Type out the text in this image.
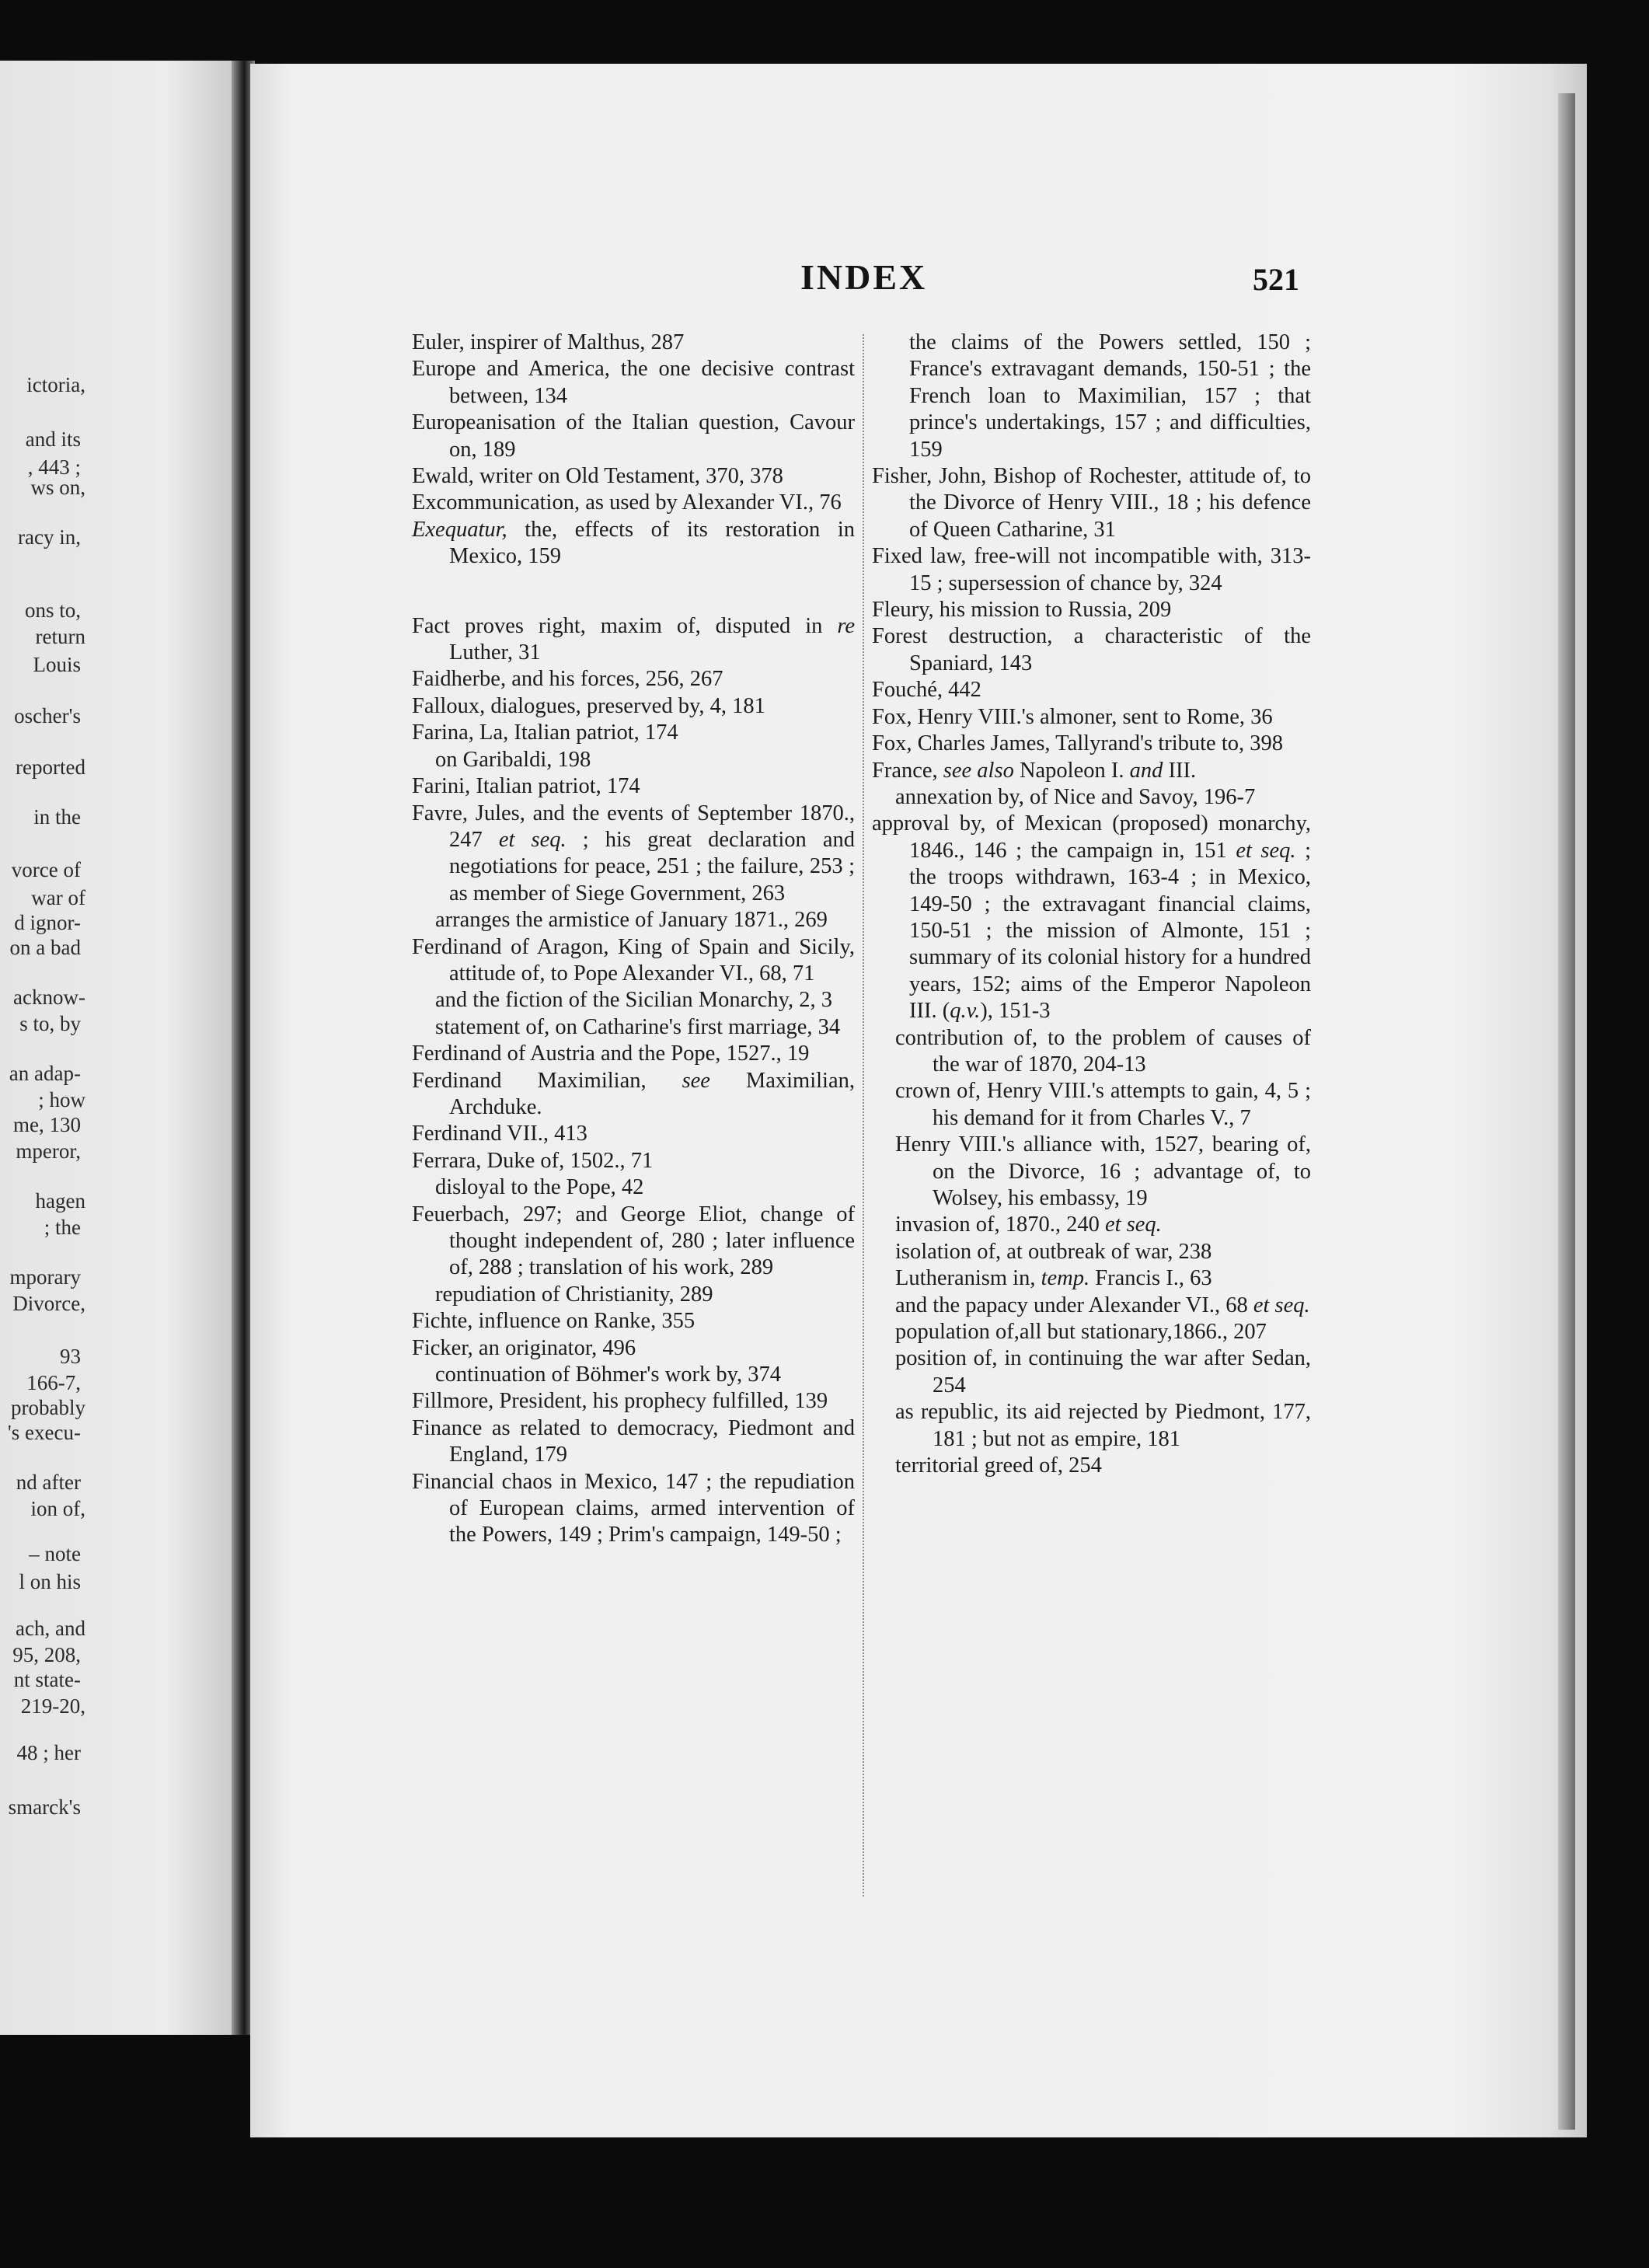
ictoria,
and its
, 443 ;
ws on,
racy in,
ons to,
return
Louis
oscher's
reported
in the
vorce of
war of
d ignor-
on a bad
acknow-
s to, by
an adap-
; how
me, 130
mperor,
hagen
; the
mporary
Divorce,
93
166-7,
probably
's execu-
nd after
ion of,
– note
l on his
ach, and
95, 208,
nt state-
219-20,
48 ; her
smarck's
INDEX	521
Euler, inspirer of Malthus, 287
Europe and America, the one decisive contrast between, 134
Europeanisation of the Italian question, Cavour on, 189
Ewald, writer on Old Testament, 370, 378
Excommunication, as used by Alexander VI., 76
Exequatur, the, effects of its restoration in Mexico, 159
Fact proves right, maxim of, disputed in re Luther, 31
Faidherbe, and his forces, 256, 267
Falloux, dialogues, preserved by, 4, 181
Farina, La, Italian patriot, 174
on Garibaldi, 198
Farini, Italian patriot, 174
Favre, Jules, and the events of September 1870., 247 et seq. ; his great declaration and negotiations for peace, 251 ; the failure, 253 ; as member of Siege Government, 263
arranges the armistice of January 1871., 269
Ferdinand of Aragon, King of Spain and Sicily, attitude of, to Pope Alexander VI., 68, 71
and the fiction of the Sicilian Monarchy, 2, 3
statement of, on Catharine's first marriage, 34
Ferdinand of Austria and the Pope, 1527., 19
Ferdinand Maximilian, see Maximilian, Archduke.
Ferdinand VII., 413
Ferrara, Duke of, 1502., 71
disloyal to the Pope, 42
Feuerbach, 297; and George Eliot, change of thought independent of, 280 ; later influence of, 288 ; translation of his work, 289
repudiation of Christianity, 289
Fichte, influence on Ranke, 355
Ficker, an originator, 496
continuation of Böhmer's work by, 374
Fillmore, President, his prophecy fulfilled, 139
Finance as related to democracy, Piedmont and England, 179
Financial chaos in Mexico, 147 ; the repudiation of European claims, armed intervention of the Powers, 149 ; Prim's campaign, 149-50 ;
the claims of the Powers settled, 150 ; France's extravagant demands, 150-51 ; the French loan to Maximilian, 157 ; that prince's undertakings, 157 ; and difficulties, 159
Fisher, John, Bishop of Rochester, attitude of, to the Divorce of Henry VIII., 18 ; his defence of Queen Catharine, 31
Fixed law, free-will not incompatible with, 313-15 ; supersession of chance by, 324
Fleury, his mission to Russia, 209
Forest destruction, a characteristic of the Spaniard, 143
Fouché, 442
Fox, Henry VIII.'s almoner, sent to Rome, 36
Fox, Charles James, Tallyrand's tribute to, 398
France, see also Napoleon I. and III.
annexation by, of Nice and Savoy, 196-7
approval by, of Mexican (proposed) monarchy, 1846., 146 ; the campaign in, 151 et seq. ; the troops withdrawn, 163-4 ; in Mexico, 149-50 ; the extravagant financial claims, 150-51 ; the mission of Almonte, 151 ; summary of its colonial history for a hundred years, 152; aims of the Emperor Napoleon III. (q.v.), 151-3
contribution of, to the problem of causes of the war of 1870, 204-13
crown of, Henry VIII.'s attempts to gain, 4, 5 ; his demand for it from Charles V., 7
Henry VIII.'s alliance with, 1527, bearing of, on the Divorce, 16 ; advantage of, to Wolsey, his embassy, 19
invasion of, 1870., 240 et seq.
isolation of, at outbreak of war, 238
Lutheranism in, temp. Francis I., 63
and the papacy under Alexander VI., 68 et seq.
population of,all but stationary,1866., 207
position of, in continuing the war after Sedan, 254
as republic, its aid rejected by Piedmont, 177, 181 ; but not as empire, 181
territorial greed of, 254
